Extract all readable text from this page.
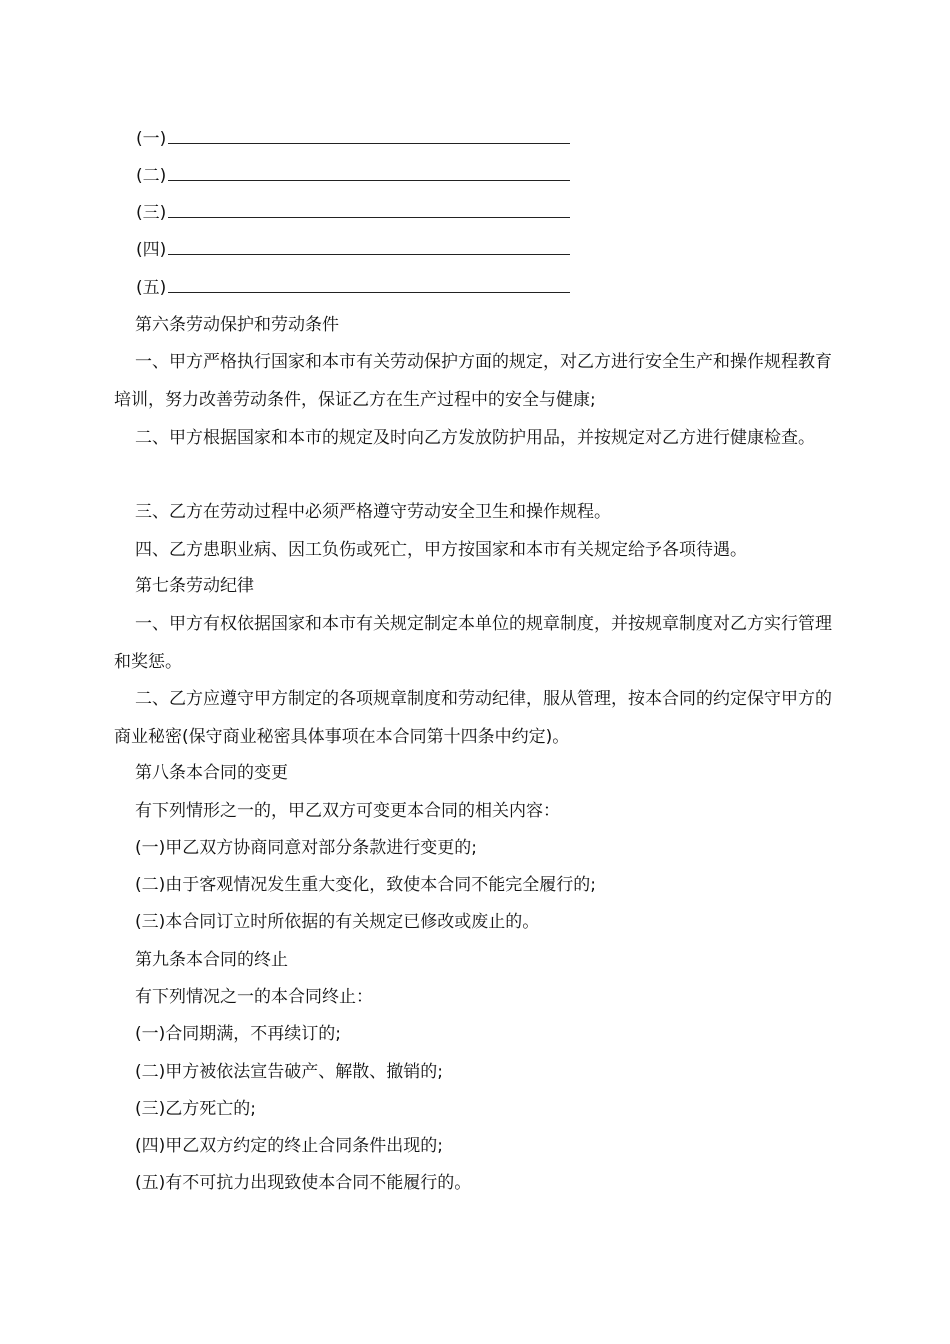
(一)
(二)
(三)
(四)
(五)

第六条劳动保护和劳动条件

一、甲方严格执行国家和本市有关劳动保护方面的规定，对乙方进行安全生产和操作规程教育培训，努力改善劳动条件，保证乙方在生产过程中的安全与健康;

二、甲方根据国家和本市的规定及时向乙方发放防护用品，并按规定对乙方进行健康检查。

三、乙方在劳动过程中必须严格遵守劳动安全卫生和操作规程。

四、乙方患职业病、因工负伤或死亡，甲方按国家和本市有关规定给予各项待遇。

第七条劳动纪律

一、甲方有权依据国家和本市有关规定制定本单位的规章制度，并按规章制度对乙方实行管理和奖惩。

二、乙方应遵守甲方制定的各项规章制度和劳动纪律，服从管理，按本合同的约定保守甲方的商业秘密(保守商业秘密具体事项在本合同第十四条中约定)。

第八条本合同的变更

有下列情形之一的，甲乙双方可变更本合同的相关内容：

(一)甲乙双方协商同意对部分条款进行变更的;

(二)由于客观情况发生重大变化，致使本合同不能完全履行的;

(三)本合同订立时所依据的有关规定已修改或废止的。

第九条本合同的终止

有下列情况之一的本合同终止：

(一)合同期满，不再续订的;

(二)甲方被依法宣告破产、解散、撤销的;

(三)乙方死亡的;

(四)甲乙双方约定的终止合同条件出现的;

(五)有不可抗力出现致使本合同不能履行的。
